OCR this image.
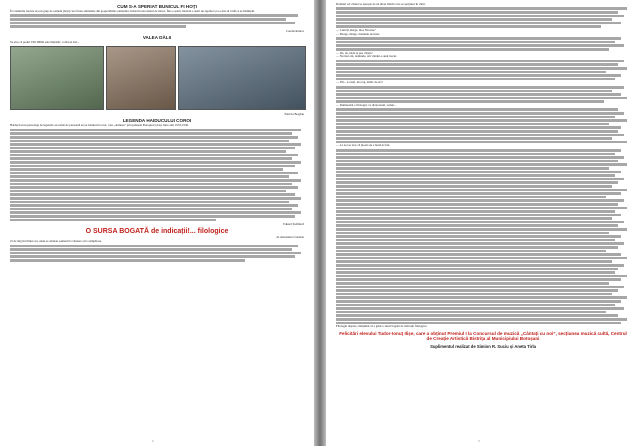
CUM S-A SPERIAT BUNICUL FI HOȚI

În vremurile trecute era un grup de oameni (hoți) care furau animalele din gospodăriile oamenilor, întrucât erau destul de săraci. Într-o seară, bunicul a auzit un zgomot și s-a dus să vadă ce se întâmplă.

Cotelia Raluca
VALEA DĂLII

Se zice că podul Văii Dălbii este împărțit: ca Rai și Iad...

Patricia Bogdan
LEGENDA HAIDUCULUI COROI

Haiducii erau personaje de legendă, un exilat de persoană era și haiducul Coroi, care „domnea" prin județele Botoșani și Iași, între anii 1933-1936.

Eduard Ștefănică
O SURSA BOGATĂ de indicații!... filologice
de Alexandru Cazaban

Zi de târg învârtiun sat, unde se adunau oamenii la vânzare și la cumpărare.

2

Domnul cel cărunt se apropie de un țăran bătrân care se sprijinea în cârjă.

— Cum îți merge, moș Nicolae?

— Merge, merge, domnule secretar.

— Da, da, unde ai pus căruța?

— Nu mai am, domnule, am vândut-o anul trecut.

— Păi... n-aveți, ma rog, nimic de zis?

— Dumnealui e filologul, cu dicționarul, vedeți...

— La noi se zice că ploaia nu e bună de fân.

Filologul dispare, mulțumit că a găsit o sursă bogată de indicații filologice.

Felicitări elevului Tudor-Ionuț Ilișe, care a obținut Premiul I la Concursul de muzică „Cântați cu noi”, secțiunea muzică cultă, Centrul de Creație Artistică Bistrița al Municipiului Botoșani
Suplimentul realizat de Simion R. Suciu și Aneta Tirla
3
